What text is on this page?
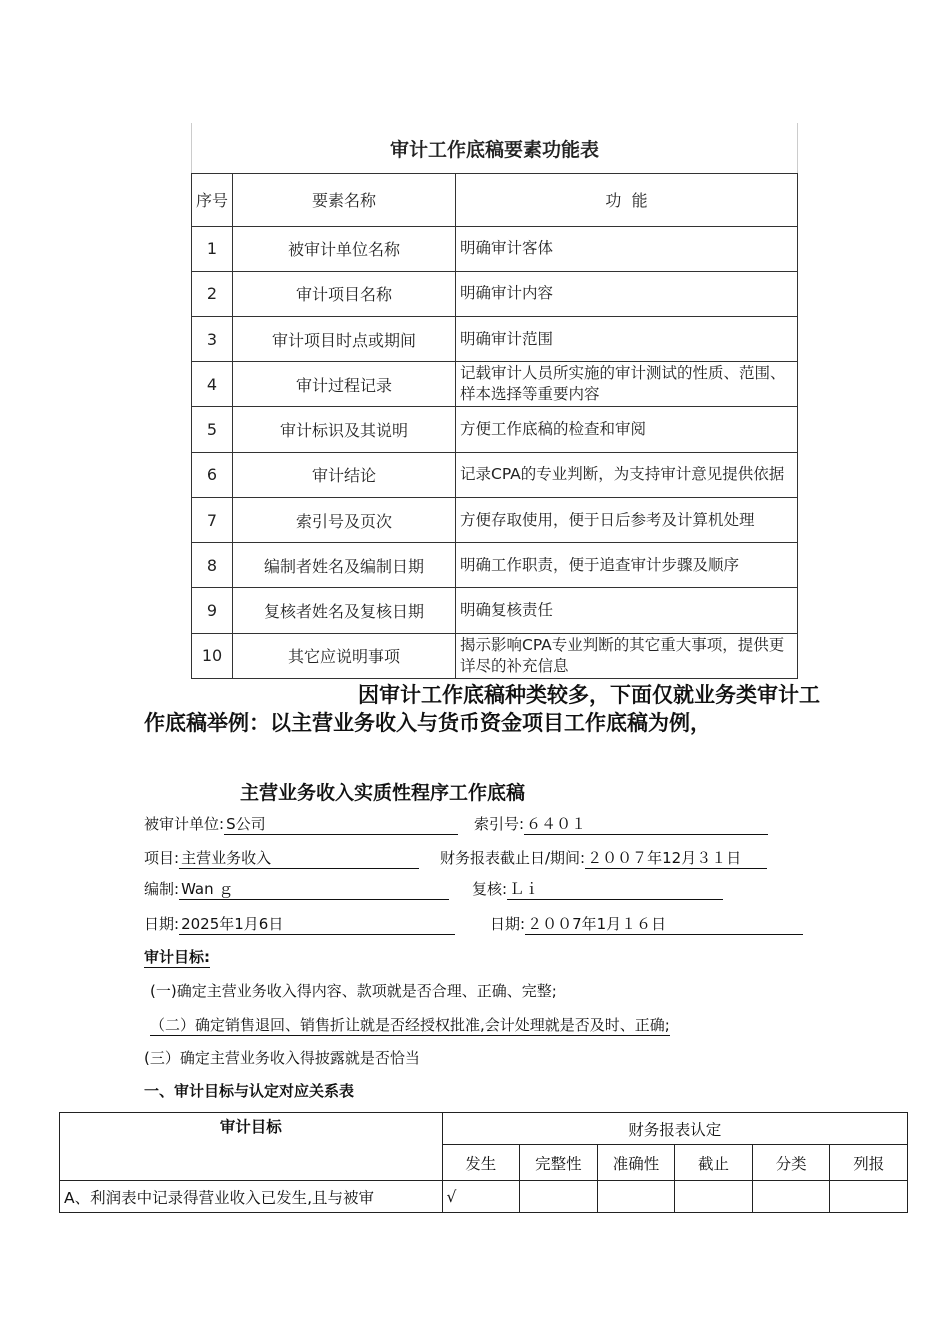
审计工作底稿要素功能表		
序号	要素名称	功  能
1	被审计单位名称	明确审计客体
2	审计项目名称	明确审计内容
3	审计项目时点或期间	明确审计范围
4	审计过程记录	记载审计人员所实施的审计测试的性质、范围、样本选择等重要内容
5	审计标识及其说明	方便工作底稿的检查和审阅
6	审计结论	记录CPA的专业判断，为支持审计意见提供依据
7	索引号及页次	方便存取使用，便于日后参考及计算机处理
8	编制者姓名及编制日期	明确工作职责，便于追查审计步骤及顺序
9	复核者姓名及复核日期	明确复核责任
10	其它应说明事项	揭示影响CPA专业判断的其它重大事项，提供更详尽的补充信息
因审计工作底稿种类较多，下面仅就业务类审计工作底稿举例：以主营业务收入与货币资金项目工作底稿为例，
主营业务收入实质性程序工作底稿
被审计单位: S公司	索引号: ６４０１
项目: 主营业务收入	财务报表截止日/期间: ２００７年12月３１日
编制: Wan ｇ	复核: Ｌｉ
日期: 2025年1月6日	日期: ２００7年1月１６日
审计目标:
(一)确定主营业务收入得内容、款项就是否合理、正确、完整;
（二）确定销售退回、销售折让就是否经授权批准,会计处理就是否及时、正确;
(三）确定主营业务收入得披露就是否恰当
一、审计目标与认定对应关系表
审计目标	财务报表认定					
	发生	完整性	准确性	截止	分类	列报
A、利润表中记录得营业收入已发生,且与被审	√					
